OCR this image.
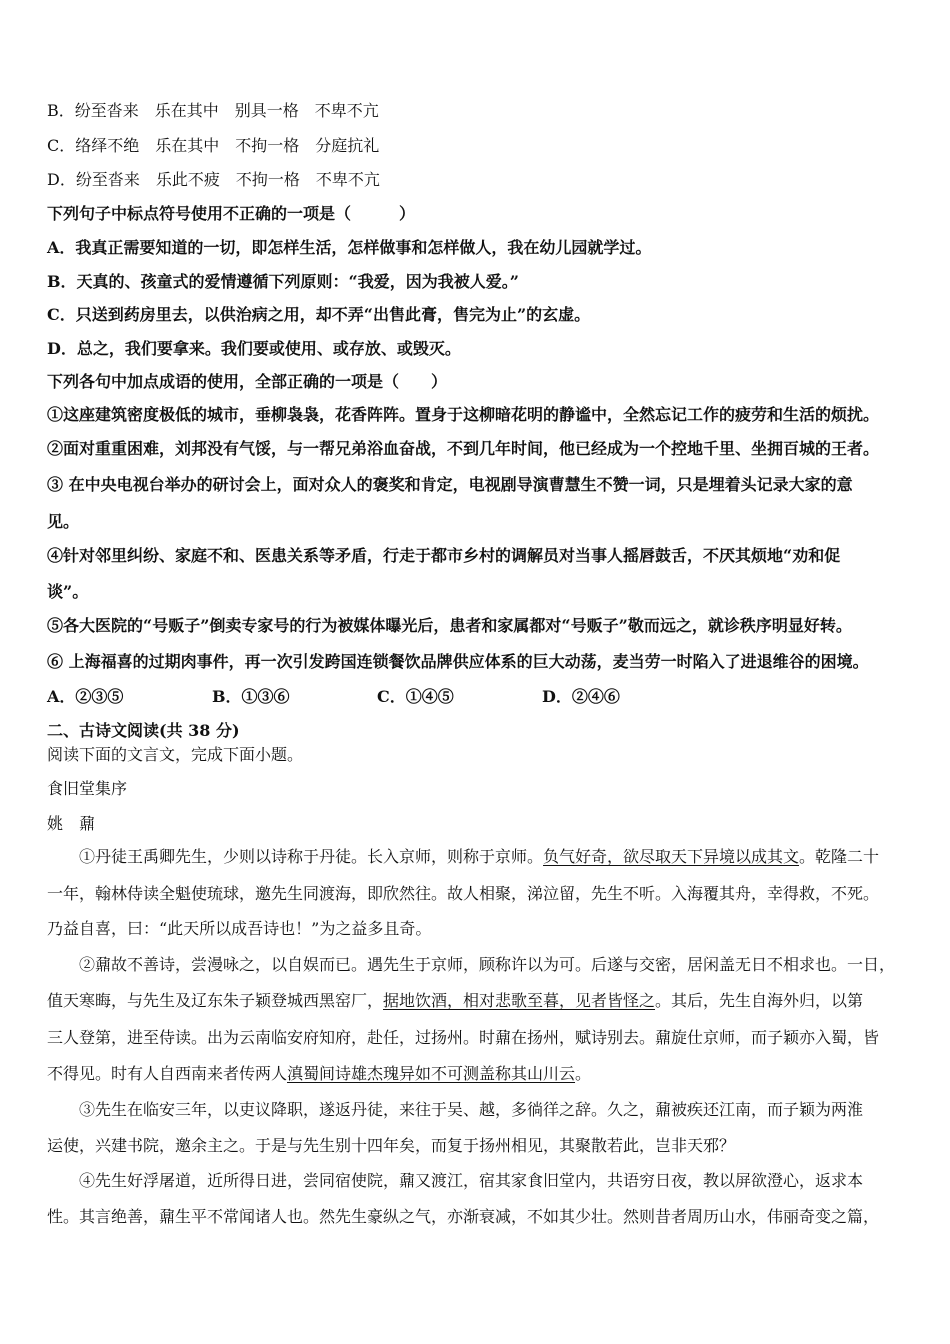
B．纷至沓来　乐在其中　别具一格　不卑不亢
C．络绎不绝　乐在其中　不拘一格　分庭抗礼
D．纷至沓来　乐此不疲　不拘一格　不卑不亢
下列句子中标点符号使用不正确的一项是（　　　）
A．我真正需要知道的一切，即怎样生活，怎样做事和怎样做人，我在幼儿园就学过。
B．天真的、孩童式的爱情遵循下列原则：“我爱，因为我被人爱。”
C．只送到药房里去，以供治病之用，却不弄“出售此膏，售完为止”的玄虚。
D．总之，我们要拿来。我们要或使用、或存放、或毁灭。
下列各句中加点成语的使用，全部正确的一项是（　　）
①这座建筑密度极低的城市，垂柳袅袅，花香阵阵。置身于这柳暗花明的静谧中，全然忘记工作的疲劳和生活的烦扰。
②面对重重困难，刘邦没有气馁，与一帮兄弟浴血奋战，不到几年时间，他已经成为一个控地千里、坐拥百城的王者。
③ 在中央电视台举办的研讨会上，面对众人的褒奖和肯定，电视剧导演曹慧生不赞一词，只是埋着头记录大家的意
见。
④针对邻里纠纷、家庭不和、医患关系等矛盾，行走于都市乡村的调解员对当事人摇唇鼓舌，不厌其烦地“劝和促
谈”。
⑤各大医院的“号贩子”倒卖专家号的行为被媒体曝光后，患者和家属都对“号贩子”敬而远之，就诊秩序明显好转。
⑥ 上海福喜的过期肉事件，再一次引发跨国连锁餐饮品牌供应体系的巨大动荡，麦当劳一时陷入了进退维谷的困境。
A．②③⑤	B．①③⑥	C．①④⑤	D．②④⑥
二、古诗文阅读(共 38 分)
阅读下面的文言文，完成下面小题。
食旧堂集序
姚　鼐
①丹徒王禹卿先生，少则以诗称于丹徒。长入京师，则称于京师。负气好奇，欲尽取天下异境以成其文。乾隆二十
一年，翰林侍读全魁使琉球，邀先生同渡海，即欣然往。故人相聚，涕泣留，先生不听。入海覆其舟，幸得救，不死。
乃益自喜，曰：“此天所以成吾诗也！”为之益多且奇。
②鼐故不善诗，尝漫咏之，以自娱而已。遇先生于京师，顾称许以为可。后遂与交密，居闲盖无日不相求也。一日，
值天寒晦，与先生及辽东朱子颖登城西黑窑厂，据地饮酒，相对悲歌至暮，见者皆怪之。其后，先生自海外归，以第
三人登第，进至侍读。出为云南临安府知府，赴任，过扬州。时鼐在扬州，赋诗别去。鼐旋仕京师，而子颖亦入蜀，皆
不得见。时有人自西南来者传两人滇蜀间诗雄杰瑰异如不可测盖称其山川云。
③先生在临安三年，以吏议降职，遂返丹徒，来往于吴、越，多徜徉之辞。久之，鼐被疾还江南，而子颖为两淮
运使，兴建书院，邀余主之。于是与先生别十四年矣，而复于扬州相见，其聚散若此，岂非天邪？
④先生好浮屠道，近所得日进，尝同宿使院，鼐又渡江，宿其家食旧堂内，共语穷日夜，教以屏欲澄心，返求本
性。其言绝善，鼐生平不常闻诸人也。然先生豪纵之气，亦渐衰减，不如其少壮。然则昔者周历山水，伟丽奇变之篇，
